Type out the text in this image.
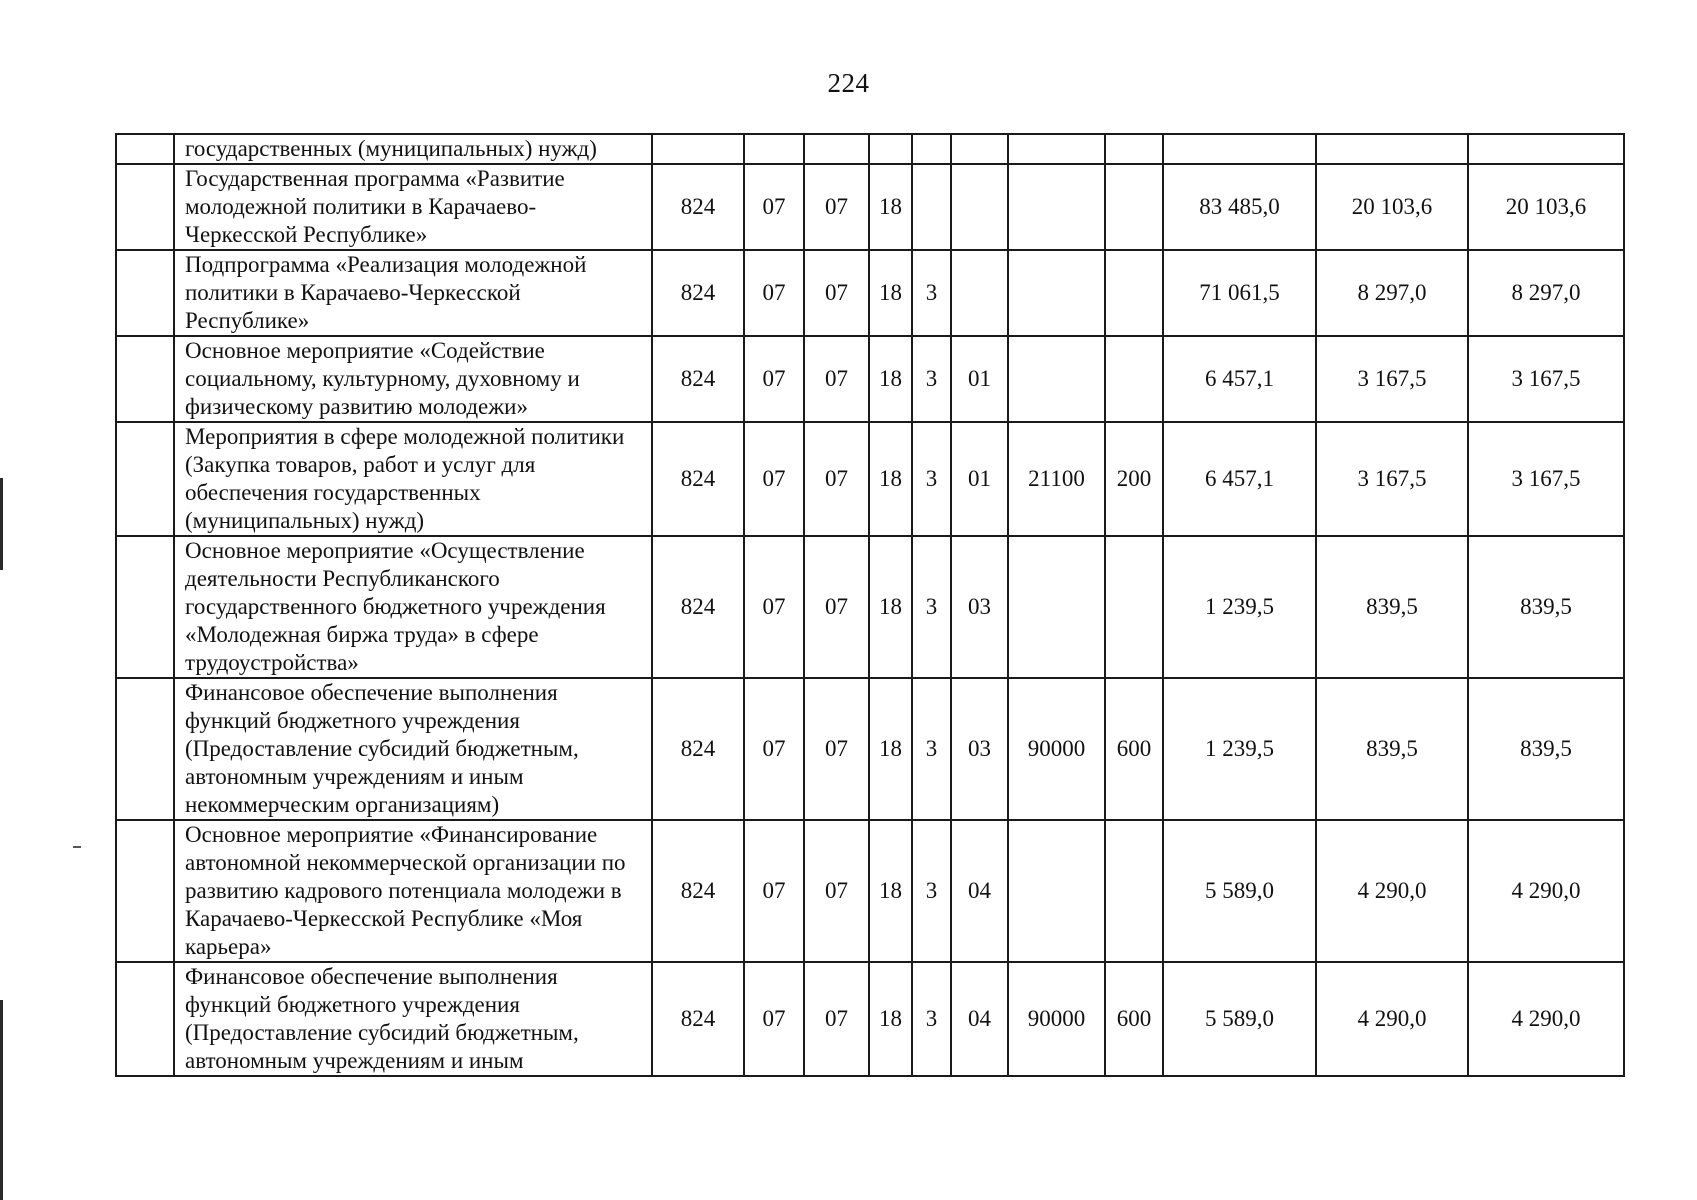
224
	государственных (муниципальных) нужд)											
	Государственная программа «Развитие молодежной политики в Карачаево-Черкесской Республике»	824	07	07	18					83 485,0	20 103,6	20 103,6
	Подпрограмма «Реализация молодежной политики в Карачаево-Черкесской Республике»	824	07	07	18	3				71 061,5	8 297,0	8 297,0
	Основное мероприятие «Содействие социальному, культурному, духовному и физическому развитию молодежи»	824	07	07	18	3	01			6 457,1	3 167,5	3 167,5
	Мероприятия в сфере молодежной политики (Закупка товаров, работ и услуг для обеспечения государственных (муниципальных) нужд)	824	07	07	18	3	01	21100	200	6 457,1	3 167,5	3 167,5
	Основное мероприятие «Осуществление деятельности Республиканского государственного бюджетного учреждения «Молодежная биржа труда» в сфере трудоустройства»	824	07	07	18	3	03			1 239,5	839,5	839,5
	Финансовое обеспечение выполнения функций бюджетного учреждения (Предоставление субсидий бюджетным, автономным учреждениям и иным некоммерческим организациям)	824	07	07	18	3	03	90000	600	1 239,5	839,5	839,5
	Основное мероприятие «Финансирование автономной некоммерческой организации по развитию кадрового потенциала молодежи в Карачаево-Черкесской Республике «Моя карьера»	824	07	07	18	3	04			5 589,0	4 290,0	4 290,0
	Финансовое обеспечение выполнения функций бюджетного учреждения (Предоставление субсидий бюджетным, автономным учреждениям и иным	824	07	07	18	3	04	90000	600	5 589,0	4 290,0	4 290,0
